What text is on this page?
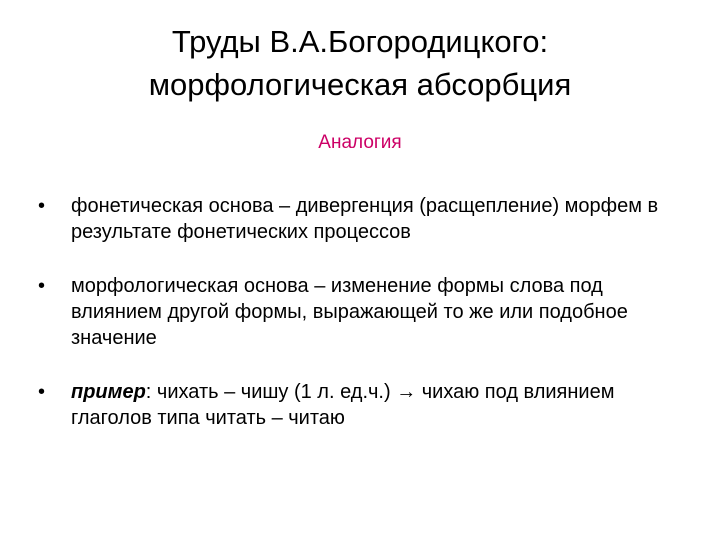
Труды В.А.Богородицкого:
морфологическая абсорбция
Аналогия
• фонетическая основа – дивергенция (расщепление) морфем в результате фонетических процессов
• морфологическая основа – изменение формы слова под влиянием другой формы, выражающей то же или подобное значение
• пример: чихать – чишу (1 л. ед.ч.) → чихаю под влиянием глаголов типа читать – читаю
